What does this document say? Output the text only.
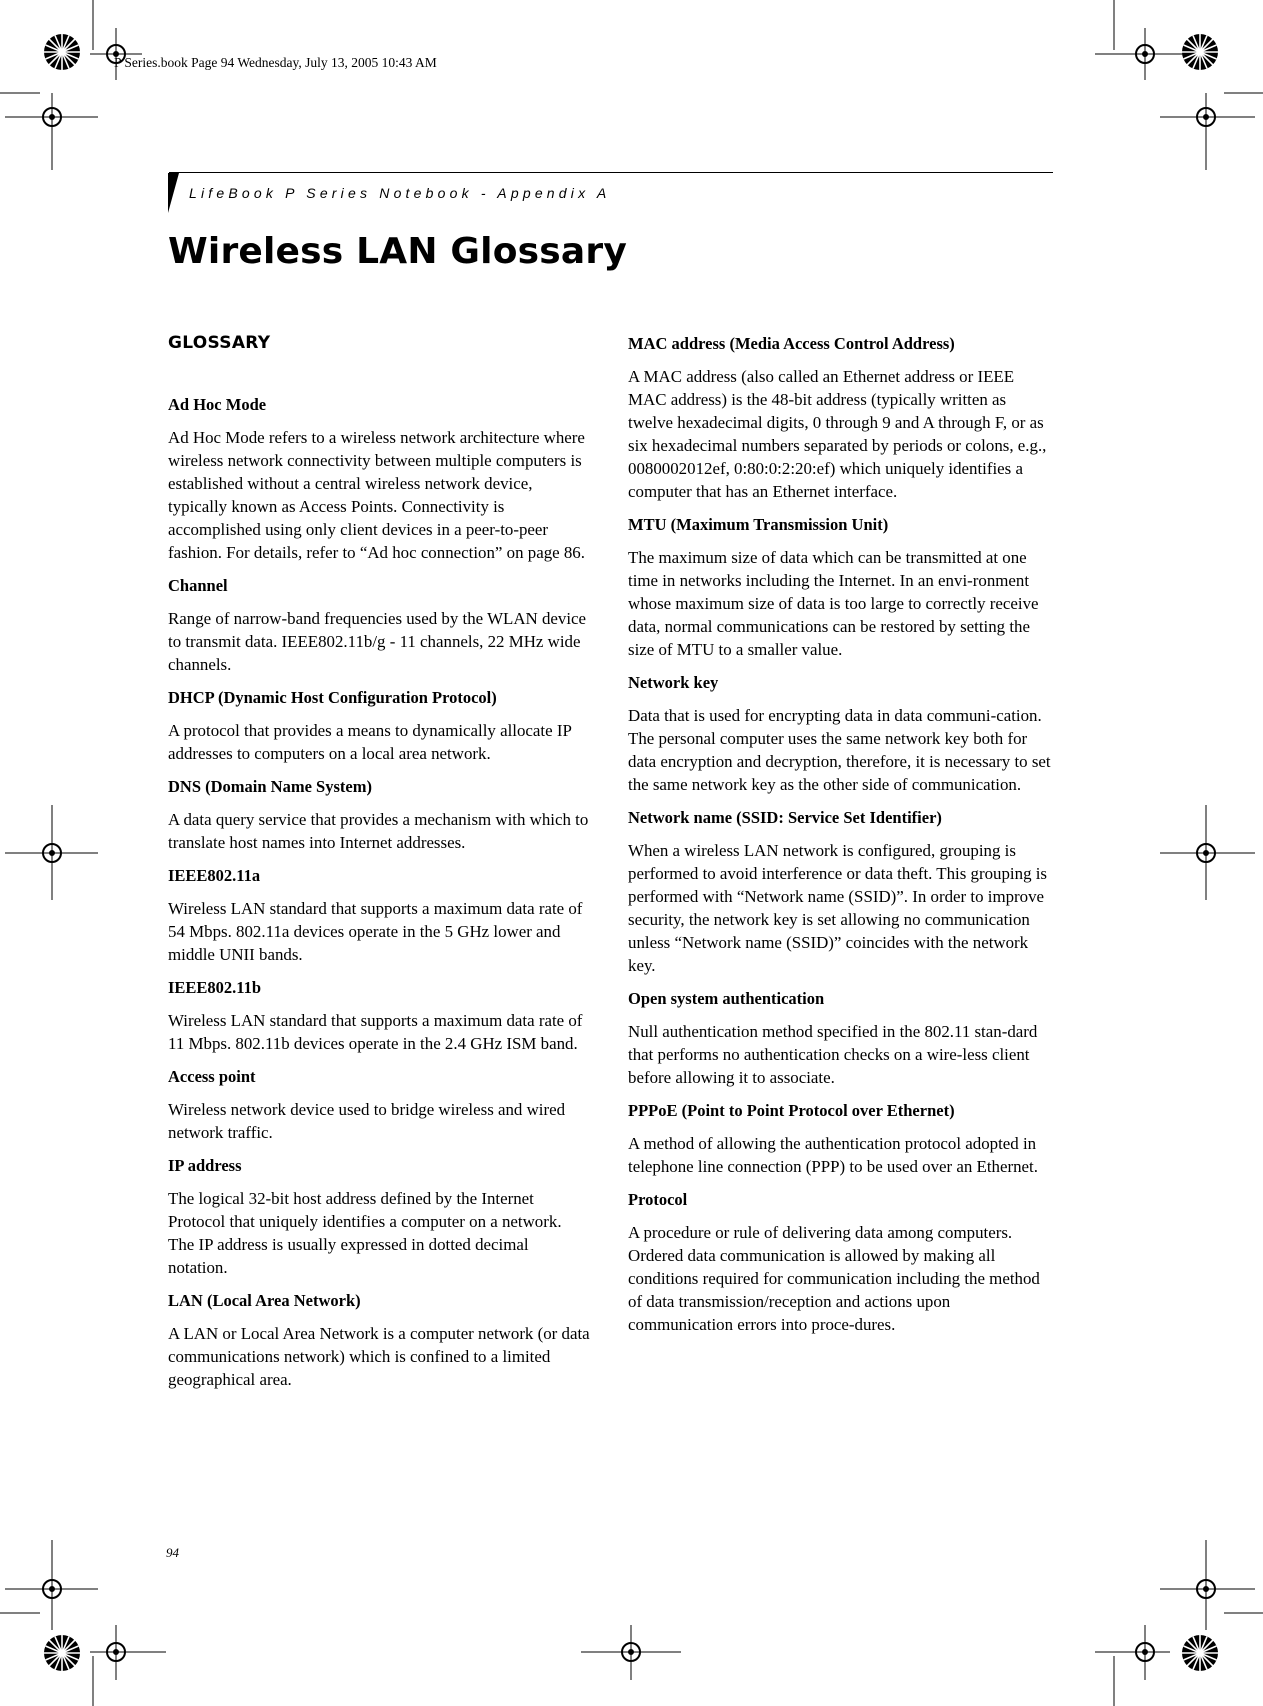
P Series.book Page 94 Wednesday, July 13, 2005 10:43 AM
LifeBook P Series Notebook - Appendix A
Wireless LAN Glossary
GLOSSARY
Ad Hoc Mode
Ad Hoc Mode refers to a wireless network architecture where wireless network connectivity between multiple computers is established without a central wireless network device, typically known as Access Points. Connectivity is accomplished using only client devices in a peer-to-peer fashion. For details, refer to “Ad hoc connection” on page 86.
Channel
Range of narrow-band frequencies used by the WLAN device to transmit data. IEEE802.11b/g - 11 channels, 22 MHz wide channels.
DHCP (Dynamic Host Configuration Protocol)
A protocol that provides a means to dynamically allocate IP addresses to computers on a local area network.
DNS (Domain Name System)
A data query service that provides a mechanism with which to translate host names into Internet addresses.
IEEE802.11a
Wireless LAN standard that supports a maximum data rate of 54 Mbps. 802.11a devices operate in the 5 GHz lower and middle UNII bands.
IEEE802.11b
Wireless LAN standard that supports a maximum data rate of 11 Mbps. 802.11b devices operate in the 2.4 GHz ISM band.
Access point
Wireless network device used to bridge wireless and wired network traffic.
IP address
The logical 32-bit host address defined by the Internet Protocol that uniquely identifies a computer on a network. The IP address is usually expressed in dotted decimal notation.
LAN (Local Area Network)
A LAN or Local Area Network is a computer network (or data communications network) which is confined to a limited geographical area.
MAC address (Media Access Control Address)
A MAC address (also called an Ethernet address or IEEE MAC address) is the 48-bit address (typically written as twelve hexadecimal digits, 0 through 9 and A through F, or as six hexadecimal numbers separated by periods or colons, e.g., 0080002012ef, 0:80:0:2:20:ef) which uniquely identifies a computer that has an Ethernet interface.
MTU (Maximum Transmission Unit)
The maximum size of data which can be transmitted at one time in networks including the Internet. In an envi-ronment whose maximum size of data is too large to correctly receive data, normal communications can be restored by setting the size of MTU to a smaller value.
Network key
Data that is used for encrypting data in data communi-cation. The personal computer uses the same network key both for data encryption and decryption, therefore, it is necessary to set the same network key as the other side of communication.
Network name (SSID: Service Set Identifier)
When a wireless LAN network is configured, grouping is performed to avoid interference or data theft. This grouping is performed with “Network name (SSID)”. In order to improve security, the network key is set allowing no communication unless “Network name (SSID)” coincides with the network key.
Open system authentication
Null authentication method specified in the 802.11 stan-dard that performs no authentication checks on a wire-less client before allowing it to associate.
PPPoE (Point to Point Protocol over Ethernet)
A method of allowing the authentication protocol adopted in telephone line connection (PPP) to be used over an Ethernet.
Protocol
A procedure or rule of delivering data among computers. Ordered data communication is allowed by making all conditions required for communication including the method of data transmission/reception and actions upon communication errors into proce-dures.
94
